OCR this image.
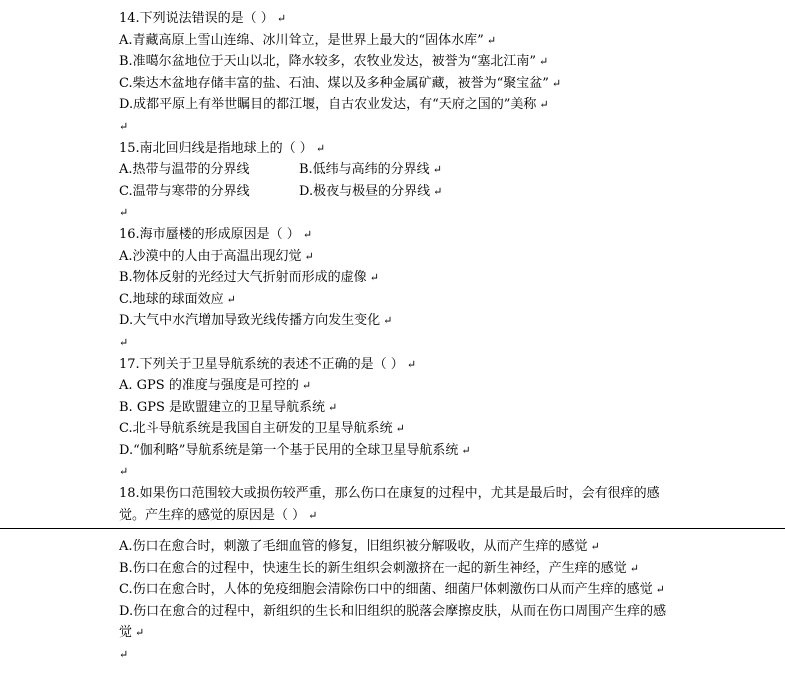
14.下列说法错误的是（ ） ↵
A.青藏高原上雪山连绵、冰川耸立，是世界上最大的“固体水库” ↵
B.准噶尔盆地位于天山以北，降水较多，农牧业发达，被誉为“塞北江南” ↵
C.柴达木盆地存储丰富的盐、石油、煤以及多种金属矿藏，被誉为“聚宝盆” ↵
D.成都平原上有举世瞩目的都江堰，自古农业发达，有“天府之国的”美称 ↵
↵
15.南北回归线是指地球上的（ ） ↵
A.热带与温带的分界线	B.低纬与高纬的分界线 ↵
C.温带与寒带的分界线	D.极夜与极昼的分界线 ↵
↵
16.海市蜃楼的形成原因是（ ） ↵
A.沙漠中的人由于高温出现幻觉 ↵
B.物体反射的光经过大气折射而形成的虚像 ↵
C.地球的球面效应 ↵
D.大气中水汽增加导致光线传播方向发生变化 ↵
↵
17.下列关于卫星导航系统的表述不正确的是（ ） ↵
A. GPS 的准度与强度是可控的 ↵
B. GPS 是欧盟建立的卫星导航系统 ↵
C.北斗导航系统是我国自主研发的卫星导航系统 ↵
D.“伽利略”导航系统是第一个基于民用的全球卫星导航系统 ↵
↵
18.如果伤口范围较大或损伤较严重，那么伤口在康复的过程中，尤其是最后时，会有很痒的感觉。产生痒的感觉的原因是（ ） ↵
A.伤口在愈合时，刺激了毛细血管的修复，旧组织被分解吸收，从而产生痒的感觉 ↵
B.伤口在愈合的过程中，快速生长的新生组织会刺激挤在一起的新生神经，产生痒的感觉 ↵
C.伤口在愈合时，人体的免疫细胞会清除伤口中的细菌、细菌尸体刺激伤口从而产生痒的感觉 ↵
D.伤口在愈合的过程中，新组织的生长和旧组织的脱落会摩擦皮肤，从而在伤口周围产生痒的感觉 ↵
↵
